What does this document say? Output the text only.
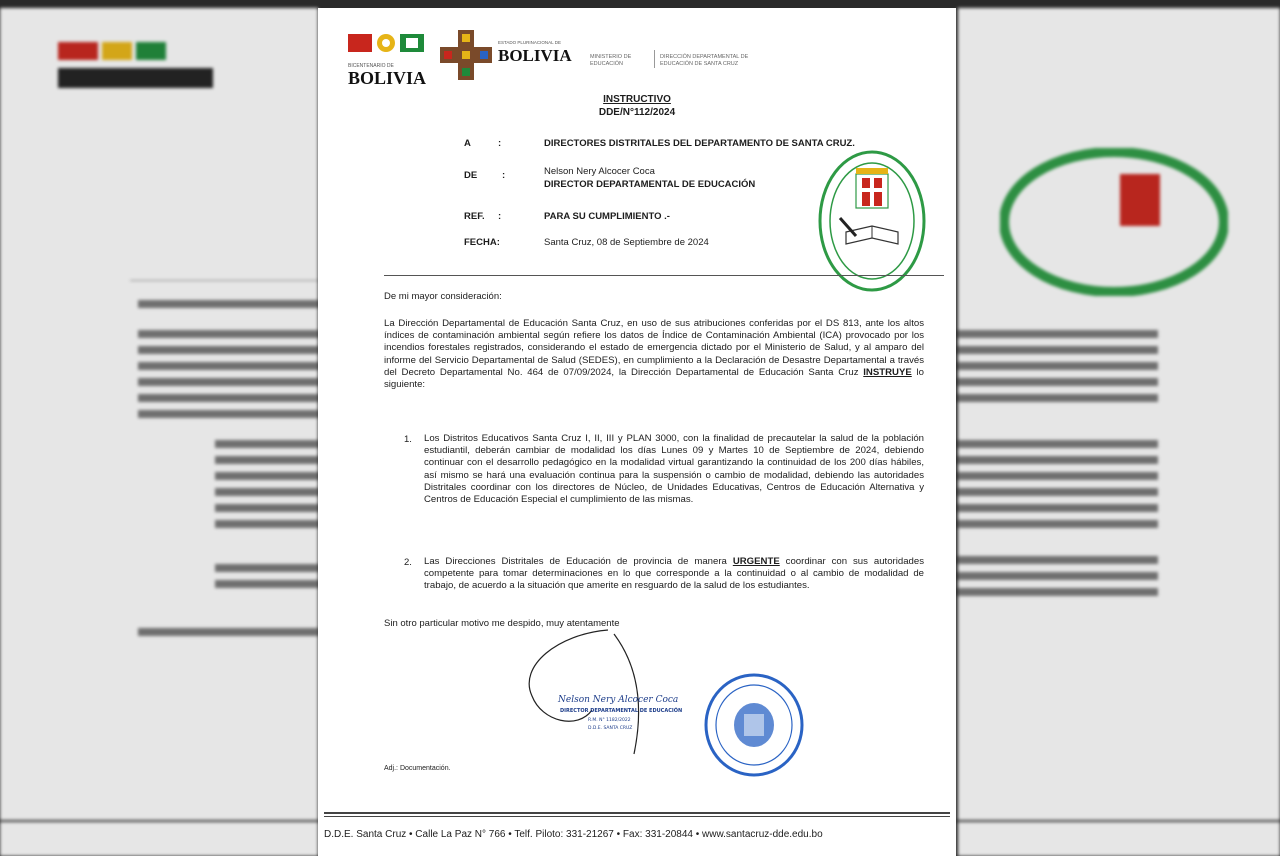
BICENTENARIO DE
BOLIVIA
ESTADO PLURINACIONAL DE
BOLIVIA	MINISTERIO DE EDUCACIÓN
DIRECCIÓN DEPARTAMENTAL DE EDUCACIÓN DE SANTA CRUZ
INSTRUCTIVO
DDE/N°112/2024
A	:	DIRECTORES DISTRITALES DEL DEPARTAMENTO DE SANTA CRUZ.
DE	:	Nelson Nery Alcocer Coca
DIRECTOR DEPARTAMENTAL DE EDUCACIÓN
REF. :	PARA SU CUMPLIMIENTO .-
FECHA:	Santa Cruz, 08 de Septiembre de 2024
De mi mayor consideración:
La Dirección Departamental de Educación Santa Cruz, en uso de sus atribuciones conferidas por el DS 813, ante los altos índices de contaminación ambiental según refiere los datos de Índice de Contaminación Ambiental (ICA) provocado por los incendios forestales registrados, considerando el estado de emergencia dictado por el Ministerio de Salud, y al amparo del informe del Servicio Departamental de Salud (SEDES), en cumplimiento a la Declaración de Desastre Departamental a través del Decreto Departamental No. 464 de 07/09/2024, la Dirección Departamental de Educación Santa Cruz INSTRUYE lo siguiente:
1. Los Distritos Educativos Santa Cruz I, II, III y PLAN 3000, con la finalidad de precautelar la salud de la población estudiantil, deberán cambiar de modalidad los días Lunes 09 y Martes 10 de Septiembre de 2024, debiendo continuar con el desarrollo pedagógico en la modalidad virtual garantizando la continuidad de los 200 días hábiles, así mismo se hará una evaluación continua para la suspensión o cambio de modalidad, debiendo las autoridades Distritales coordinar con los directores de Núcleo, de Unidades Educativas, Centros de Educación Alternativa y Centros de Educación Especial el cumplimiento de las mismas.
2. Las Direcciones Distritales de Educación de provincia de manera URGENTE coordinar con sus autoridades competente para tomar determinaciones en lo que corresponde a la continuidad o al cambio de modalidad de trabajo, de acuerdo a la situación que amerite en resguardo de la salud de los estudiantes.
Sin otro particular motivo me despido, muy atentamente
Nelson Nery Alcocer Coca
DIRECTOR DEPARTAMENTAL DE EDUCACIÓN
R.M. N° 1182/2022
D.D.E. SANTA CRUZ
Adj.: Documentación.
D.D.E. Santa Cruz • Calle La Paz N° 766 • Telf. Piloto: 331-21267 • Fax: 331-20844 • www.santacruz-dde.edu.bo
